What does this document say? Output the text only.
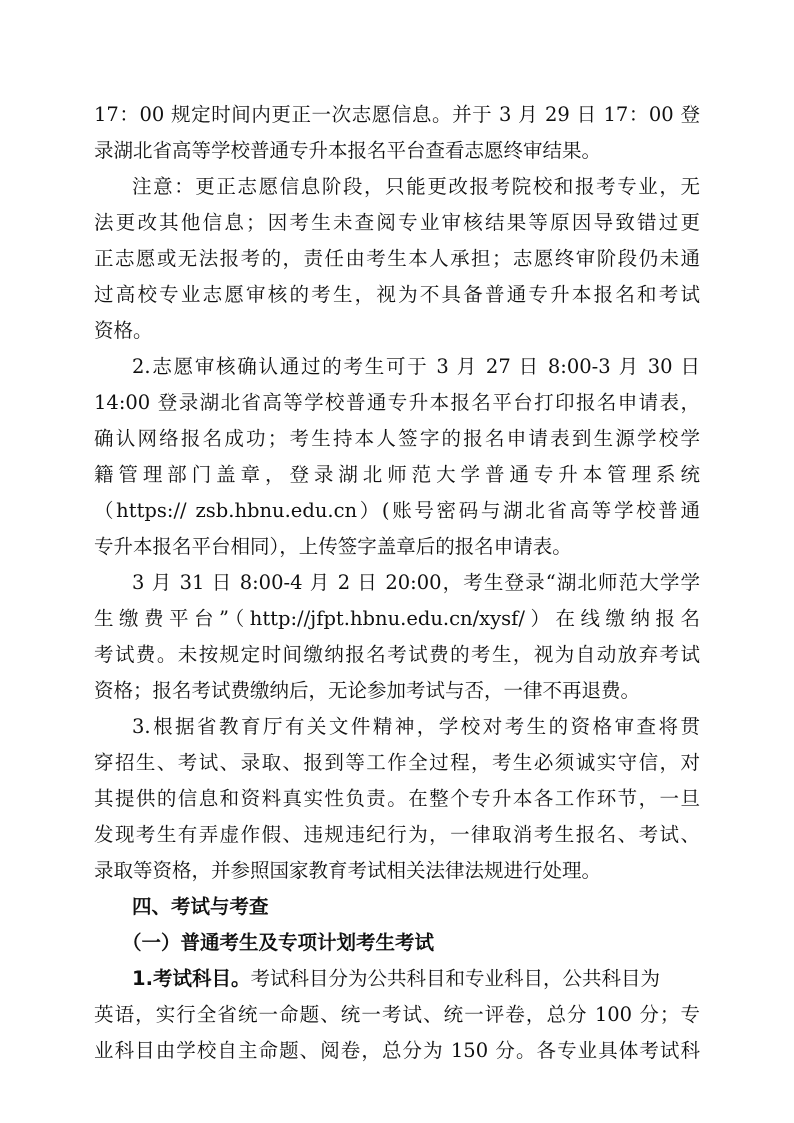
17：00 规定时间内更正一次志愿信息。并于 3 月 29 日 17：00 登
录湖北省高等学校普通专升本报名平台查看志愿终审结果。
注意：更正志愿信息阶段，只能更改报考院校和报考专业，无
法更改其他信息；因考生未查阅专业审核结果等原因导致错过更
正志愿或无法报考的，责任由考生本人承担；志愿终审阶段仍未通
过高校专业志愿审核的考生，视为不具备普通专升本报名和考试
资格。
2.志愿审核确认通过的考生可于 3 月 27 日 8:00-3 月 30 日
14:00 登录湖北省高等学校普通专升本报名平台打印报名申请表，
确认网络报名成功；考生持本人签字的报名申请表到生源学校学
籍管理部门盖章，登录湖北师范大学普通专升本管理系统
（https:// zsb.hbnu.edu.cn）(账号密码与湖北省高等学校普通
专升本报名平台相同），上传签字盖章后的报名申请表。
3 月 31 日 8:00-4 月 2 日 20:00，考生登录“湖北师范大学学
生缴费平台”（http://jfpt.hbnu.edu.cn/xysf/）在线缴纳报名
考试费。未按规定时间缴纳报名考试费的考生，视为自动放弃考试
资格；报名考试费缴纳后，无论参加考试与否，一律不再退费。
3.根据省教育厅有关文件精神，学校对考生的资格审查将贯
穿招生、考试、录取、报到等工作全过程，考生必须诚实守信，对
其提供的信息和资料真实性负责。在整个专升本各工作环节，一旦
发现考生有弄虚作假、违规违纪行为，一律取消考生报名、考试、
录取等资格，并参照国家教育考试相关法律法规进行处理。
四、考试与考查
（一）普通考生及专项计划考生考试
1.考试科目。考试科目分为公共科目和专业科目，公共科目为
英语，实行全省统一命题、统一考试、统一评卷，总分 100 分；专
业科目由学校自主命题、阅卷，总分为 150 分。各专业具体考试科
